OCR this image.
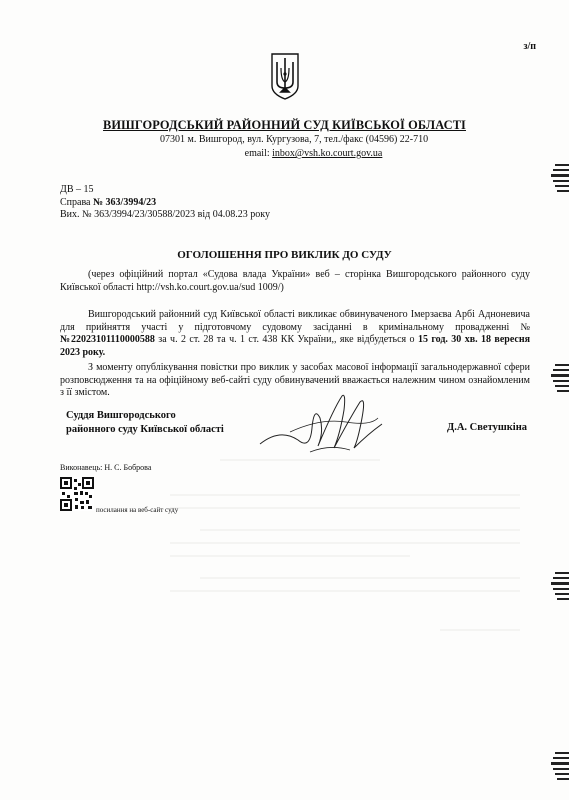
з/п
ВИШГОРОДСЬКИЙ РАЙОННИЙ СУД КИЇВСЬКОЇ ОБЛАСТІ
07301 м. Вишгород, вул. Кургузова, 7, тел./факс (04596) 22-710
email: inbox@vsh.ko.court.gov.ua
ДВ – 15
Справа № 363/3994/23
Вих. № 363/3994/23/30588/2023 від 04.08.23 року
ОГОЛОШЕННЯ ПРО ВИКЛИК ДО СУДУ
(через офіційний портал «Судова влада України» веб – сторінка Вишгородського районного суду Київської області http://vsh.ko.court.gov.ua/sud 1009/)
Вишгородський районний суд Київської області викликає обвинуваченого Імерзаєва Арбі Адноневича для прийняття участі у підготовчому судовому засіданні в кримінальному провадженні № №22023101110000588 за ч. 2 ст. 28 та ч. 1 ст. 438 КК України,, яке відбудеться о 15 год. 30 хв. 18 вересня 2023 року.
З моменту опублікування повістки про виклик у засобах масової інформації загальнодержавної сфери розповсюдження та на офіційному веб-сайті суду обвинувачений вважається належним чином ознайомленим з її змістом.
Суддя Вишгородського
районного суду Київської області	Д.А. Светушкіна
Виконавець: Н. С. Боброва
посилання на веб-сайт суду
